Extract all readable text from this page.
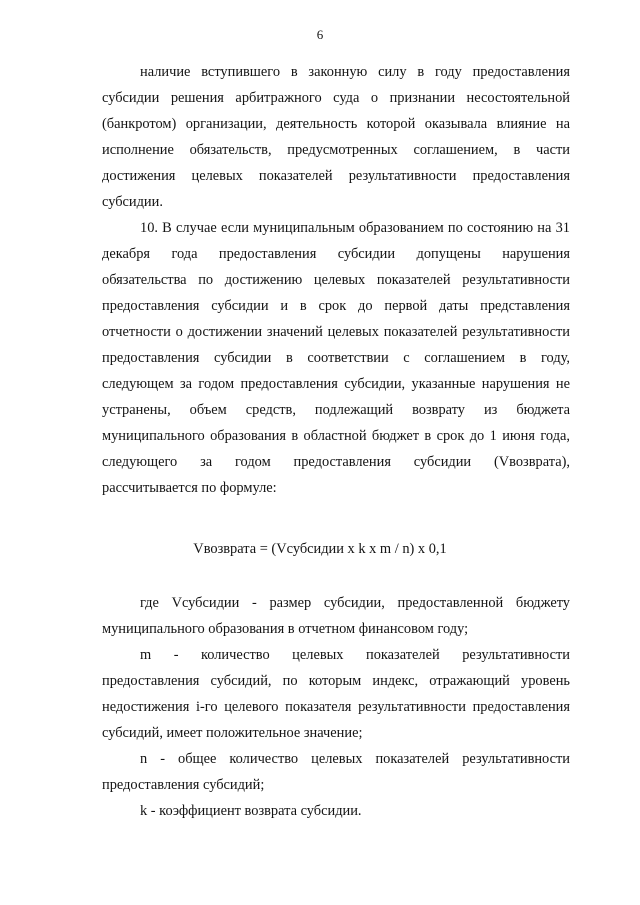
6
наличие вступившего в законную силу в году предоставления
субсидии решения арбитражного суда о признании несостоятельной
(банкротом) организации, деятельность которой оказывала влияние на
исполнение обязательств, предусмотренных соглашением, в части
достижения целевых показателей результативности предоставления
субсидии.
10. В случае если муниципальным образованием по состоянию на 31
декабря года предоставления субсидии допущены нарушения
обязательства по достижению целевых показателей результативности
предоставления субсидии и в срок до первой даты представления
отчетности о достижении значений целевых показателей результативности
предоставления субсидии в соответствии с соглашением в году,
следующем за годом предоставления субсидии, указанные нарушения не
устранены, объем средств, подлежащий возврату из бюджета
муниципального образования в областной бюджет в срок до 1 июня года,
следующего за годом предоставления субсидии (Vвозврата),
рассчитывается по формуле:
Vвозврата = (Vсубсидии x k x m / n) x 0,1
где Vсубсидии - размер субсидии, предоставленной бюджету
муниципального образования в отчетном финансовом году;
m - количество целевых показателей результативности
предоставления субсидий, по которым индекс, отражающий уровень
недостижения i-го целевого показателя результативности предоставления
субсидий, имеет положительное значение;
n - общее количество целевых показателей результативности
предоставления субсидий;
k - коэффициент возврата субсидии.
